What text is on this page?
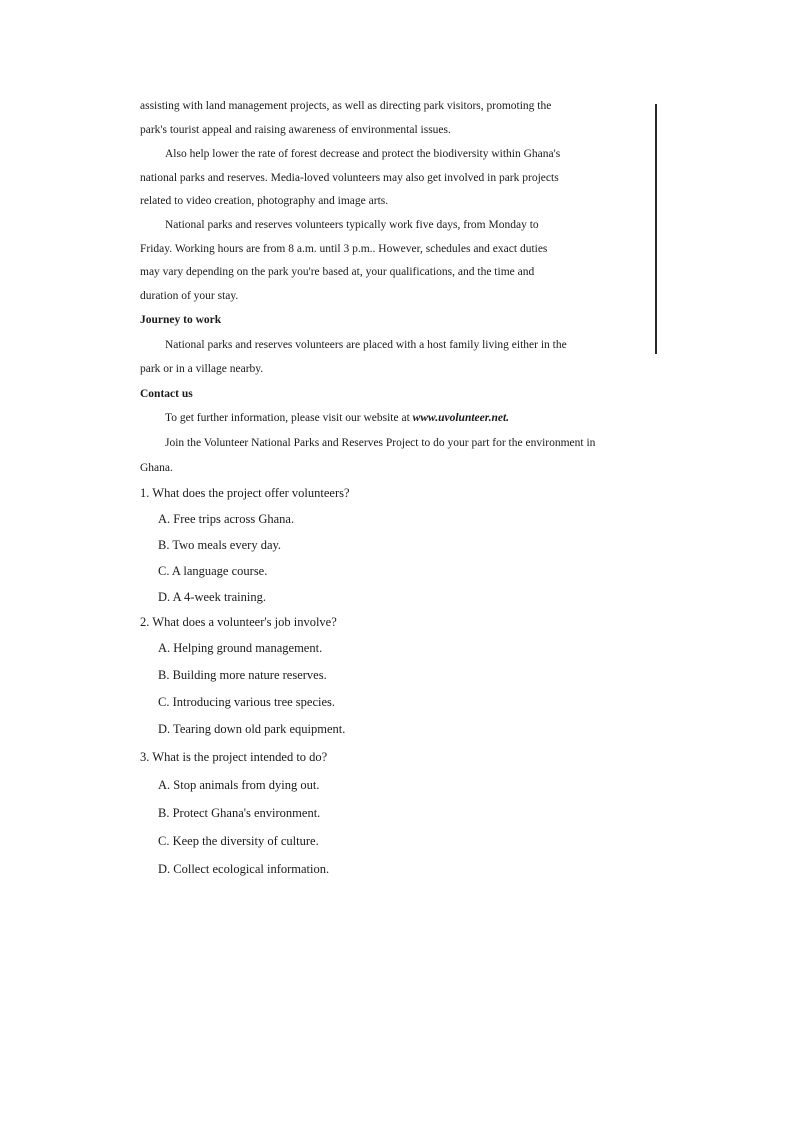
assisting with land management projects, as well as directing park visitors, promoting the
park's tourist appeal and raising awareness of environmental issues.
Also help lower the rate of forest decrease and protect the biodiversity within Ghana's
national parks and reserves. Media-loved volunteers may also get involved in park projects
related to video creation, photography and image arts.
National parks and reserves volunteers typically work five days, from Monday to
Friday. Working hours are from 8 a.m. until 3 p.m.. However, schedules and exact duties
may vary depending on the park you're based at, your qualifications, and the time and
duration of your stay.
Journey to work
National parks and reserves volunteers are placed with a host family living either in the
park or in a village nearby.
Contact us
To get further information, please visit our website at www.uvolunteer.net.
Join the Volunteer National Parks and Reserves Project to do your part for the environment in
Ghana.
1. What does the project offer volunteers?
A. Free trips across Ghana.
B. Two meals every day.
C. A language course.
D. A 4-week training.
2. What does a volunteer's job involve?
A. Helping ground management.
B. Building more nature reserves.
C. Introducing various tree species.
D. Tearing down old park equipment.
3. What is the project intended to do?
A. Stop animals from dying out.
B. Protect Ghana's environment.
C. Keep the diversity of culture.
D. Collect ecological information.
